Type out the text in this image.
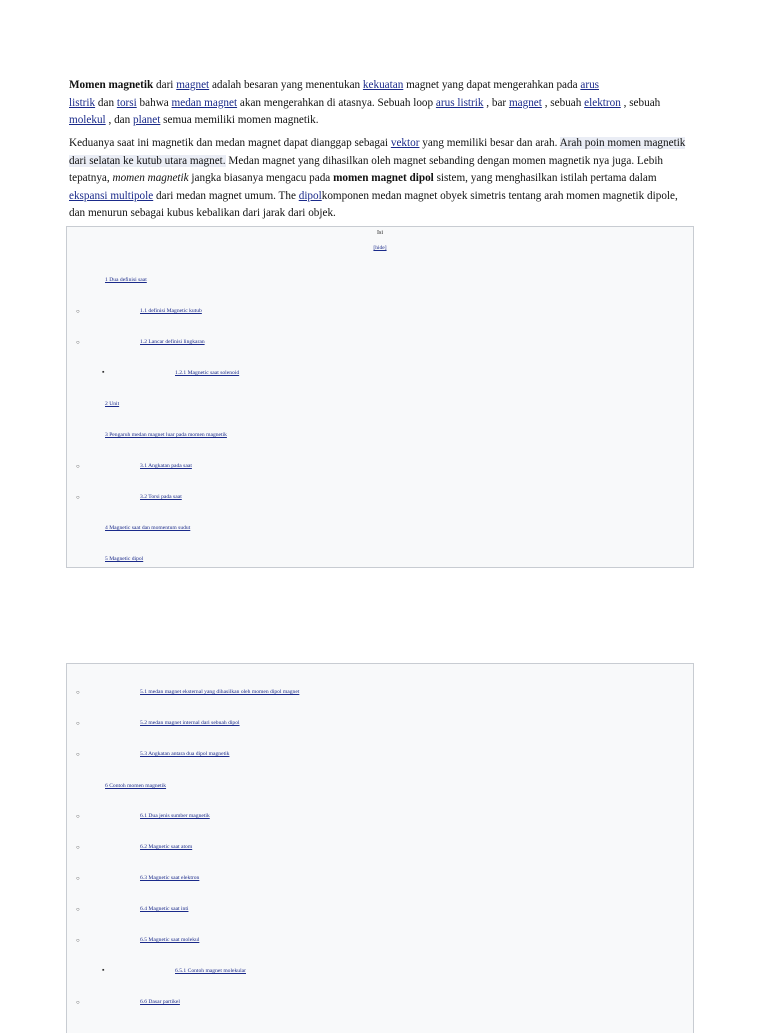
Momen magnetik dari magnet adalah besaran yang menentukan kekuatan magnet yang dapat mengerahkan pada arus
listrik dan torsi bahwa medan magnet akan mengerahkan di atasnya. Sebuah loop arus listrik , bar magnet , sebuah elektron , sebuah molekul , dan planet semua memiliki momen magnetik.

Keduanya saat ini magnetik dan medan magnet dapat dianggap sebagai vektor yang memiliki besar dan arah. Arah poin momen magnetik dari selatan ke kutub utara magnet. Medan magnet yang dihasilkan oleh magnet sebanding dengan momen magnetik nya juga. Lebih tepatnya, momen magnetik jangka biasanya mengacu pada momen magnet dipol sistem, yang menghasilkan istilah pertama dalam ekspansi multipole dari medan magnet umum. The dipolkomponen medan magnet obyek simetris tentang arah momen magnetik dipole, dan menurun sebagai kubus kebalikan dari jarak dari objek.

Isi
[hide]
1 Dua definisi saat
○	1.1 definisi Magnetic kutub
○	1.2 Lancar definisi lingkaran
▪	1.2.1 Magnetic saat solenoid
2 Unit
3 Pengaruh medan magnet luar pada momen magnetik
○	3.1 Angkatan pada saat
○	3.2 Torsi pada saat
4 Magnetic saat dan momentum sudut
5 Magnetic dipol
○	5.1 medan magnet eksternal yang dihasilkan oleh momen dipol magnet
○	5.2 medan magnet internal dari sebuah dipol
○	5.3 Angkatan antara dua dipol magnetik
6 Contoh momen magnetik
○	6.1 Dua jenis sumber magnetik
○	6.2 Magnetic saat atom
○	6.3 Magnetic saat elektron
○	6.4 Magnetic saat inti
○	6.5 Magnetic saat molekul
▪	6.5.1 Contoh magnet molekular
○	6.6 Dasar partikel
